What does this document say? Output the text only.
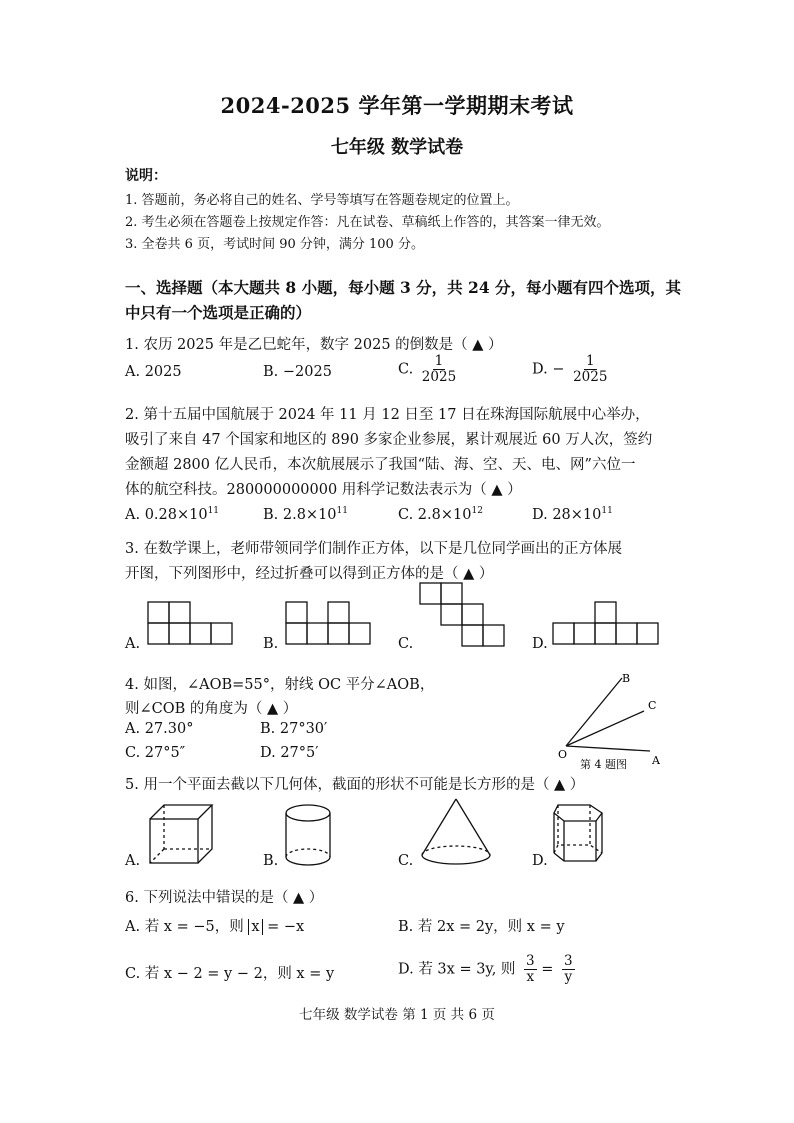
2024-2025 学年第一学期期末考试
七年级 数学试卷
说明：
1. 答题前，务必将自己的姓名、学号等填写在答题卷规定的位置上。
2. 考生必须在答题卷上按规定作答：凡在试卷、草稿纸上作答的，其答案一律无效。
3. 全卷共 6 页，考试时间 90 分钟，满分 100 分。
一、选择题（本大题共 8 小题，每小题 3 分，共 24 分，每小题有四个选项，其
中只有一个选项是正确的）
1. 农历 2025 年是乙巳蛇年，数字 2025 的倒数是（ ▲ ）
A. 2025	B. −2025	C. $\frac{1}{2025}$	D. − $\frac{1}{2025}$
2. 第十五届中国航展于 2024 年 11 月 12 日至 17 日在珠海国际航展中心举办，
吸引了来自 47 个国家和地区的 890 多家企业参展，累计观展近 60 万人次，签约
金额超 2800 亿人民币，本次航展展示了我国“陆、海、空、天、电、网”六位一
体的航空科技。280000000000 用科学记数法表示为（ ▲ ）
A. $0.28\times 10^{11}$	B. $2.8\times 10^{11}$	C. $2.8\times 10^{12}$	D. $28\times 10^{11}$
3. 在数学课上，老师带领同学们制作正方体，以下是几位同学画出的正方体展
开图，下列图形中，经过折叠可以得到正方体的是（ ▲ ）
A.	B.	C.	D.
4. 如图，∠AOB=55°，射线 OC 平分∠AOB，
则∠COB 的角度为（ ▲ ）
A. 27.30°	B. 27°30′
C. 27°5″	D. 27°5′	O	A
C
B
第 4 题图
5. 用一个平面去截以下几何体，截面的形状不可能是长方形的是（ ▲ ）
A.	B.	C.	D.
6. 下列说法中错误的是（ ▲ ）
A. 若 x = −5，则 x = −x	B. 若 2x = 2y，则 x = y
C. 若 x − 2 = y − 2，则 x = y	D. 若 3x = 3y, 则 $\frac{3}{x} = \frac{3}{y}$
七年级 数学试卷 第 1 页 共 6 页
